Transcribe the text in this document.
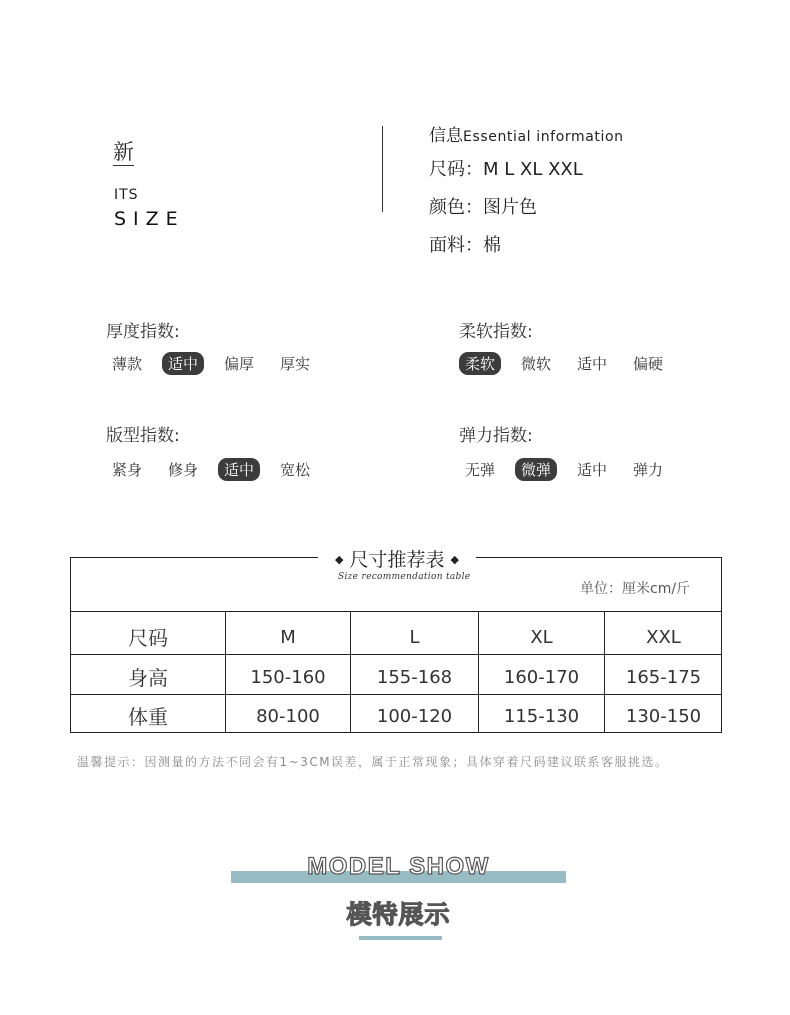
新
ITS
SIZE
信息Essential information
尺码：M L XL XXL
颜色：图片色
面料：棉
厚度指数:
薄款	适中	偏厚	厚实
柔软指数:
柔软	微软	适中	偏硬
版型指数:
紧身	修身	适中	宽松
弹力指数:
无弹	微弹	适中	弹力
◆ 尺寸推荐表 ◆
Size recommendation table
单位：厘米cm/斤
尺码	M	L	XL	XXL
身高	150-160	155-168	160-170	165-175
体重	80-100	100-120	115-130	130-150
温馨提示：因测量的方法不同会有1~3CM误差，属于正常现象；具体穿着尺码建议联系客服挑选。
MODEL SHOW
模特展示
